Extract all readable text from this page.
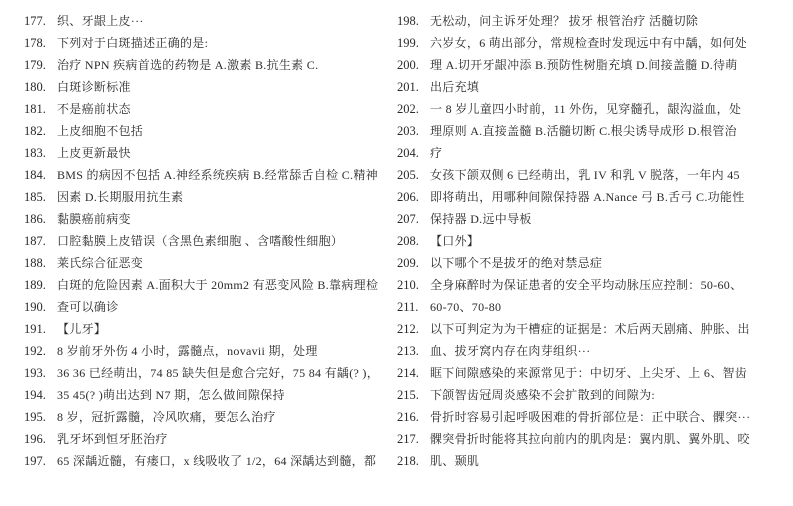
177. 织、牙龈上皮···
178. 下列对于白斑描述正确的是:
179. 治疗 NPN 疾病首选的药物是 A.激素 B.抗生素 C.
180. 白斑诊断标准
181. 不是癌前状态
182. 上皮细胞不包括
183. 上皮更新最快
184. BMS 的病因不包括 A.神经系统疾病 B.经常舔舌自检 C.精神
185. 因素 D.长期服用抗生素
186. 黏膜癌前病变
187. 口腔黏膜上皮错误（含黑色素细胞 、含嗜酸性细胞）
188. 莱氏综合征恶变
189. 白斑的危险因素 A.面积大于 20mm2 有恶变风险 B.靠病理检
190. 查可以确诊
191. 【儿牙】
192. 8 岁前牙外伤 4 小时，露髓点，novavii 期，处理
193. 36 36 已经萌出，74 85 缺失但是愈合完好，75 84 有龋(? )，
194. 35 45(? )萌出达到 N7 期，怎么做间隙保持
195. 8 岁，冠折露髓，冷风吹痛，要怎么治疗
196. 乳牙坏到恒牙胚治疗
197. 65 深龋近髓，有瘘口，x 线吸收了 1/2，64 深龋达到髓，都
198. 无松动，问主诉牙处理？ 拔牙 根管治疗 活髓切除
199. 六岁女，6 萌出部分，常规检查时发现远中有中龋，如何处
200. 理 A.切开牙龈冲添 B.预防性树脂充填 D.间接盖髓 D.待萌
201. 出后充填
202. 一 8 岁儿童四小时前，11 外伤，见穿髓孔，龈沟溢血，处
203. 理原则 A.直接盖髓 B.活髓切断 C.根尖诱导成形 D.根管治
204. 疗
205. 女孩下颌双侧 6 已经萌出，乳 IV 和乳 V 脱落，一年内 45
206. 即将萌出，用哪种间隙保持器 A.Nance 弓 B.舌弓 C.功能性
207. 保持器 D.远中导板
208. 【口外】
209. 以下哪个不是拔牙的绝对禁忌症
210. 全身麻醉时为保证患者的安全平均动脉压应控制：50-60、
211. 60-70、70-80
212. 以下可判定为为干槽症的证据是：术后两天剧痛、肿胀、出
213. 血、拔牙窝内存在肉芽组织···
214. 眶下间隙感染的来源常见于：中切牙、上尖牙、上 6、智齿
215. 下颌智齿冠周炎感染不会扩散到的间隙为:
216. 骨折时容易引起呼吸困难的骨折部位是：正中联合、髁突···
217. 髁突骨折时能将其拉向前内的肌肉是：翼内肌、翼外肌、咬
218. 肌、颞肌
